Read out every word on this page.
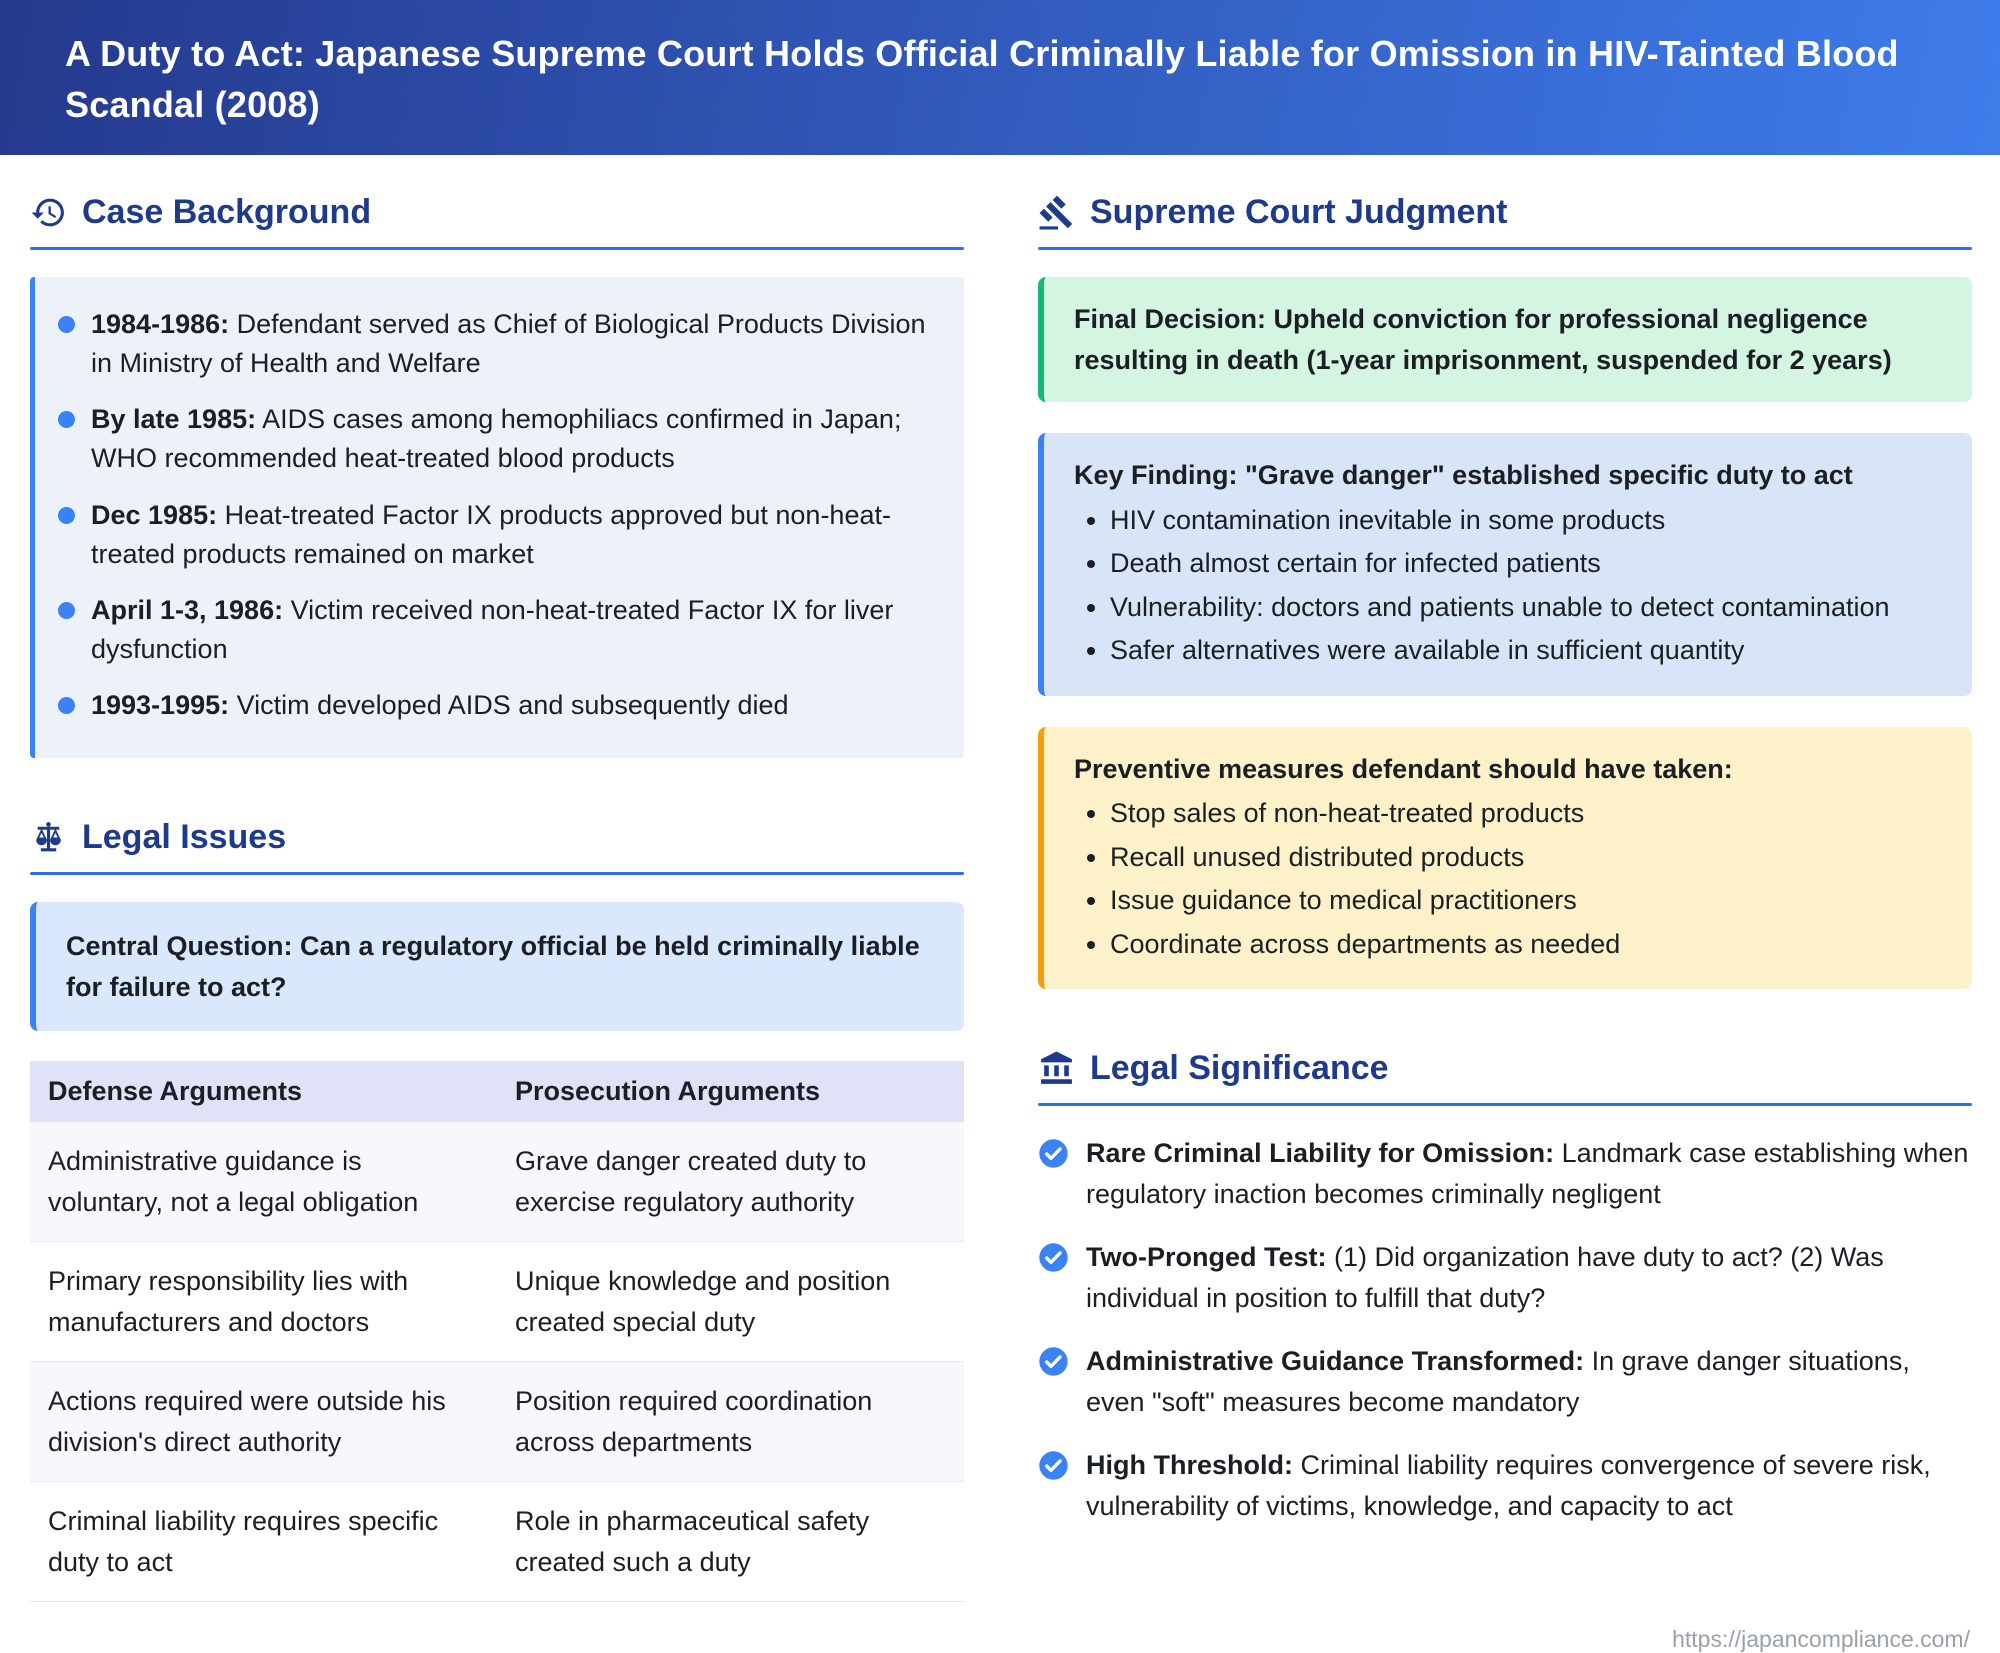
A Duty to Act: Japanese Supreme Court Holds Official Criminally Liable for Omission in HIV-Tainted Blood Scandal (2008)
Case Background
1984-1986: Defendant served as Chief of Biological Products Division in Ministry of Health and Welfare
By late 1985: AIDS cases among hemophiliacs confirmed in Japan; WHO recommended heat-treated blood products
Dec 1985: Heat-treated Factor IX products approved but non-heat-treated products remained on market
April 1-3, 1986: Victim received non-heat-treated Factor IX for liver dysfunction
1993-1995: Victim developed AIDS and subsequently died
Legal Issues
Central Question: Can a regulatory official be held criminally liable for failure to act?
Defense Arguments	Prosecution Arguments
Administrative guidance is voluntary, not a legal obligation	Grave danger created duty to exercise regulatory authority
Primary responsibility lies with manufacturers and doctors	Unique knowledge and position created special duty
Actions required were outside his division's direct authority	Position required coordination across departments
Criminal liability requires specific duty to act	Role in pharmaceutical safety created such a duty
Supreme Court Judgment

Final Decision: Upheld conviction for professional negligence resulting in death (1-year imprisonment, suspended for 2 years)

Key Finding: "Grave danger" established specific duty to act

• HIV contamination inevitable in some products
• Death almost certain for infected patients
• Vulnerability: doctors and patients unable to detect contamination
• Safer alternatives were available in sufficient quantity

Preventive measures defendant should have taken:

• Stop sales of non-heat-treated products
• Recall unused distributed products
• Issue guidance to medical practitioners
• Coordinate across departments as needed
Legal Significance

Rare Criminal Liability for Omission: Landmark case establishing when regulatory inaction becomes criminally negligent

Two-Pronged Test: (1) Did organization have duty to act? (2) Was individual in position to fulfill that duty?

Administrative Guidance Transformed: In grave danger situations, even "soft" measures become mandatory

High Threshold: Criminal liability requires convergence of severe risk, vulnerability of victims, knowledge, and capacity to act

https://japancompliance.com/
